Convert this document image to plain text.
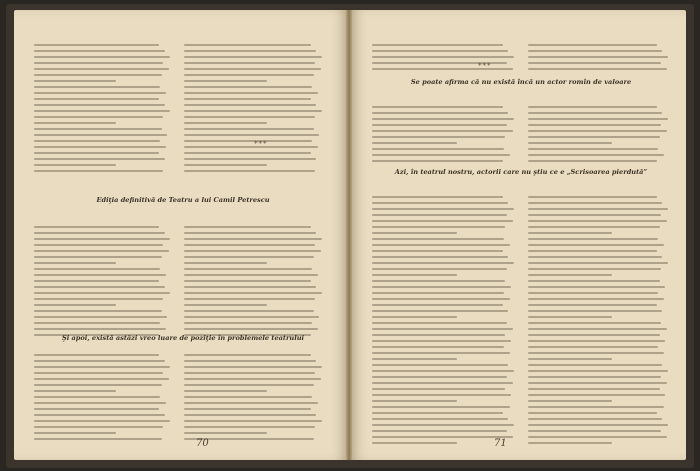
Ediţia definitivă de Teatru a lui Camil Petrescu
Şi apoi, există astăzi vreo luare de poziţie în problemele teatrului
***
70
Se poate afirma că nu există încă un actor romîn de valoare
Azi, în teatrul nostru, actorii care nu ştiu ce e „Scrisoarea pierdută”
***
71
